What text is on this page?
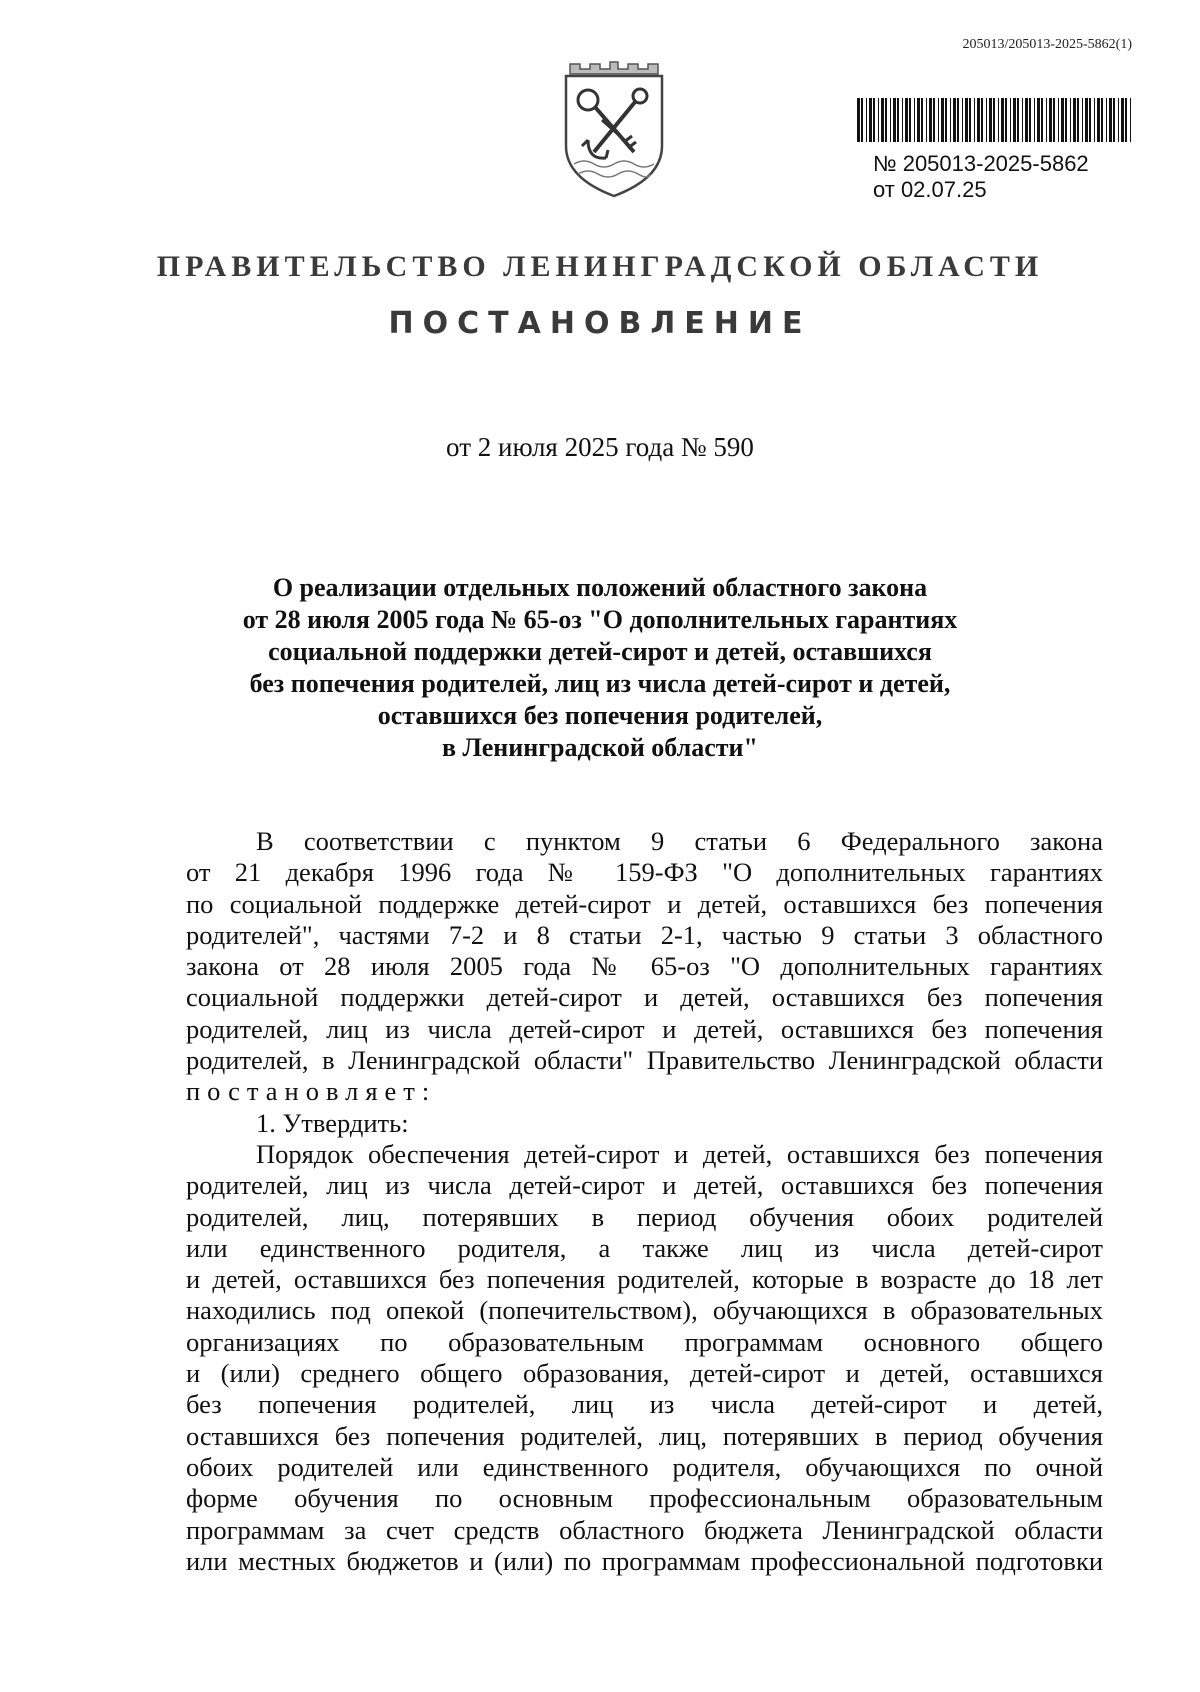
205013/205013-2025-5862(1)
№ 205013-2025-5862
от 02.07.25
ПРАВИТЕЛЬСТВО ЛЕНИНГРАДСКОЙ ОБЛАСТИ
ПОСТАНОВЛЕНИЕ
от 2 июля 2025 года № 590
О реализации отдельных положений областного закона
от 28 июля 2005 года № 65-оз "О дополнительных гарантиях
социальной поддержки детей-сирот и детей, оставшихся
без попечения родителей, лиц из числа детей-сирот и детей,
оставшихся без попечения родителей,
в Ленинградской области"
В соответствии с пунктом 9 статьи 6 Федерального закона
от 21 декабря 1996 года № 159-ФЗ "О дополнительных гарантиях
по социальной поддержке детей-сирот и детей, оставшихся без попечения
родителей", частями 7-2 и 8 статьи 2-1, частью 9 статьи 3 областного
закона от 28 июля 2005 года № 65-оз "О дополнительных гарантиях
социальной поддержки детей-сирот и детей, оставшихся без попечения
родителей, лиц из числа детей-сирот и детей, оставшихся без попечения
родителей, в Ленинградской области" Правительство Ленинградской области
постановляет:
1. Утвердить:
Порядок обеспечения детей-сирот и детей, оставшихся без попечения
родителей, лиц из числа детей-сирот и детей, оставшихся без попечения
родителей, лиц, потерявших в период обучения обоих родителей
или единственного родителя, а также лиц из числа детей-сирот
и детей, оставшихся без попечения родителей, которые в возрасте до 18 лет
находились под опекой (попечительством), обучающихся в образовательных
организациях по образовательным программам основного общего
и (или) среднего общего образования, детей-сирот и детей, оставшихся
без попечения родителей, лиц из числа детей-сирот и детей,
оставшихся без попечения родителей, лиц, потерявших в период обучения
обоих родителей или единственного родителя, обучающихся по очной
форме обучения по основным профессиональным образовательным
программам за счет средств областного бюджета Ленинградской области
или местных бюджетов и (или) по программам профессиональной подготовки
